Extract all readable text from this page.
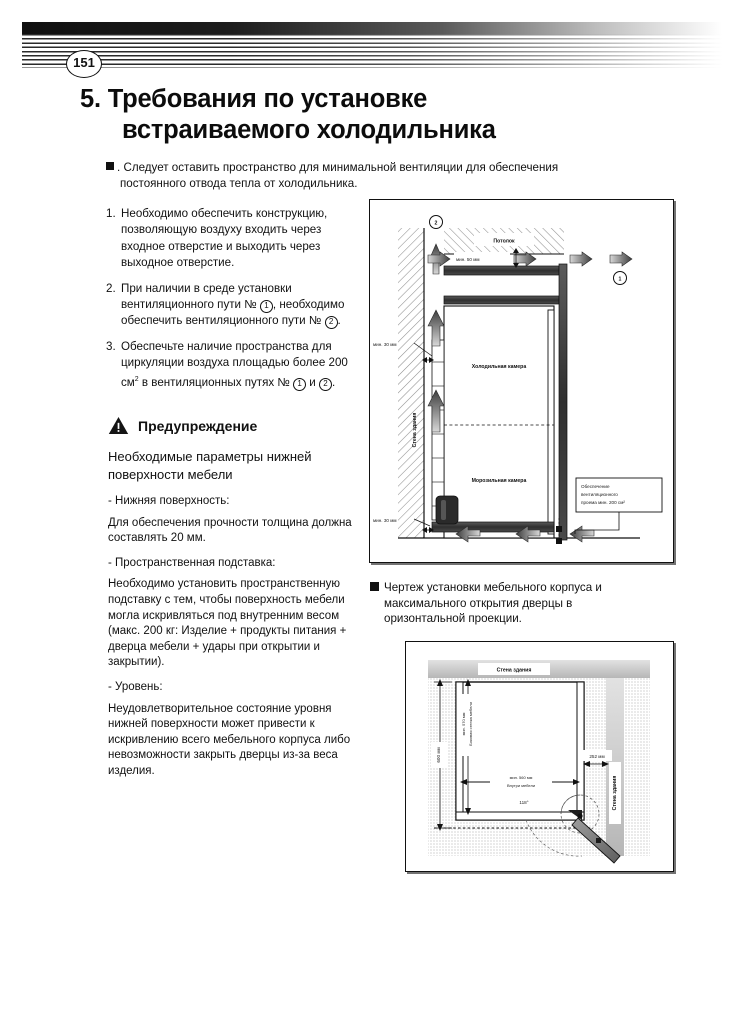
151
5. Требования по установке
встраиваемого холодильника
. Следует оставить пространство для минимальной вентиляции для обеспечения
постоянного отвода тепла от холодильника.
1. Необходимо обеспечить конструкцию, позволяющую воздуху входить через входное отверстие и выходить через выходное отверстие.
2. При наличии в среде установки вентиляционного пути № 1 , необходимо обеспечить вентиляционного пути № 2 .
3. Обеспечьте наличие пространства для циркуляции воздуха площадью более 200 $см^2$ в вентиляционных путях № 1 и 2 .
Предупреждение
Необходимые параметры нижней поверхности мебели

- Нижняя поверхность:

Для обеспечения прочности толщина должна составлять 20 мм.

- Пространственная подставка:

Необходимо установить пространственную подставку с тем, чтобы поверхность мебели могла искривляться под внутренним весом (макс. 200 кг: Изделие + продукты питания + дверца мебели + удары при открытии и закрытии).

- Уровень:

Неудовлетворительное состояние уровня нижней поверхности может привести к искривлению всего мебельного корпуса либо невозможности закрыть дверцы из-за веса изделия.

Потолок
2
1
мин. 50 мм
мин. 30 мм
мин. 30 мм
Стена здания
Холодильная камера
Морозильная камера
Обеспечение
вентиляционного
проема мин. 200 см²
Чертеж установки мебельного корпуса и
максимального открытия дверцы в
оризонтальной проекции.
Стена здания
Стена здания
600 мм
мин. 570 мм Боковая стенка мебели
мин. 560 мм
Внутри мебели
252 мм
118°
